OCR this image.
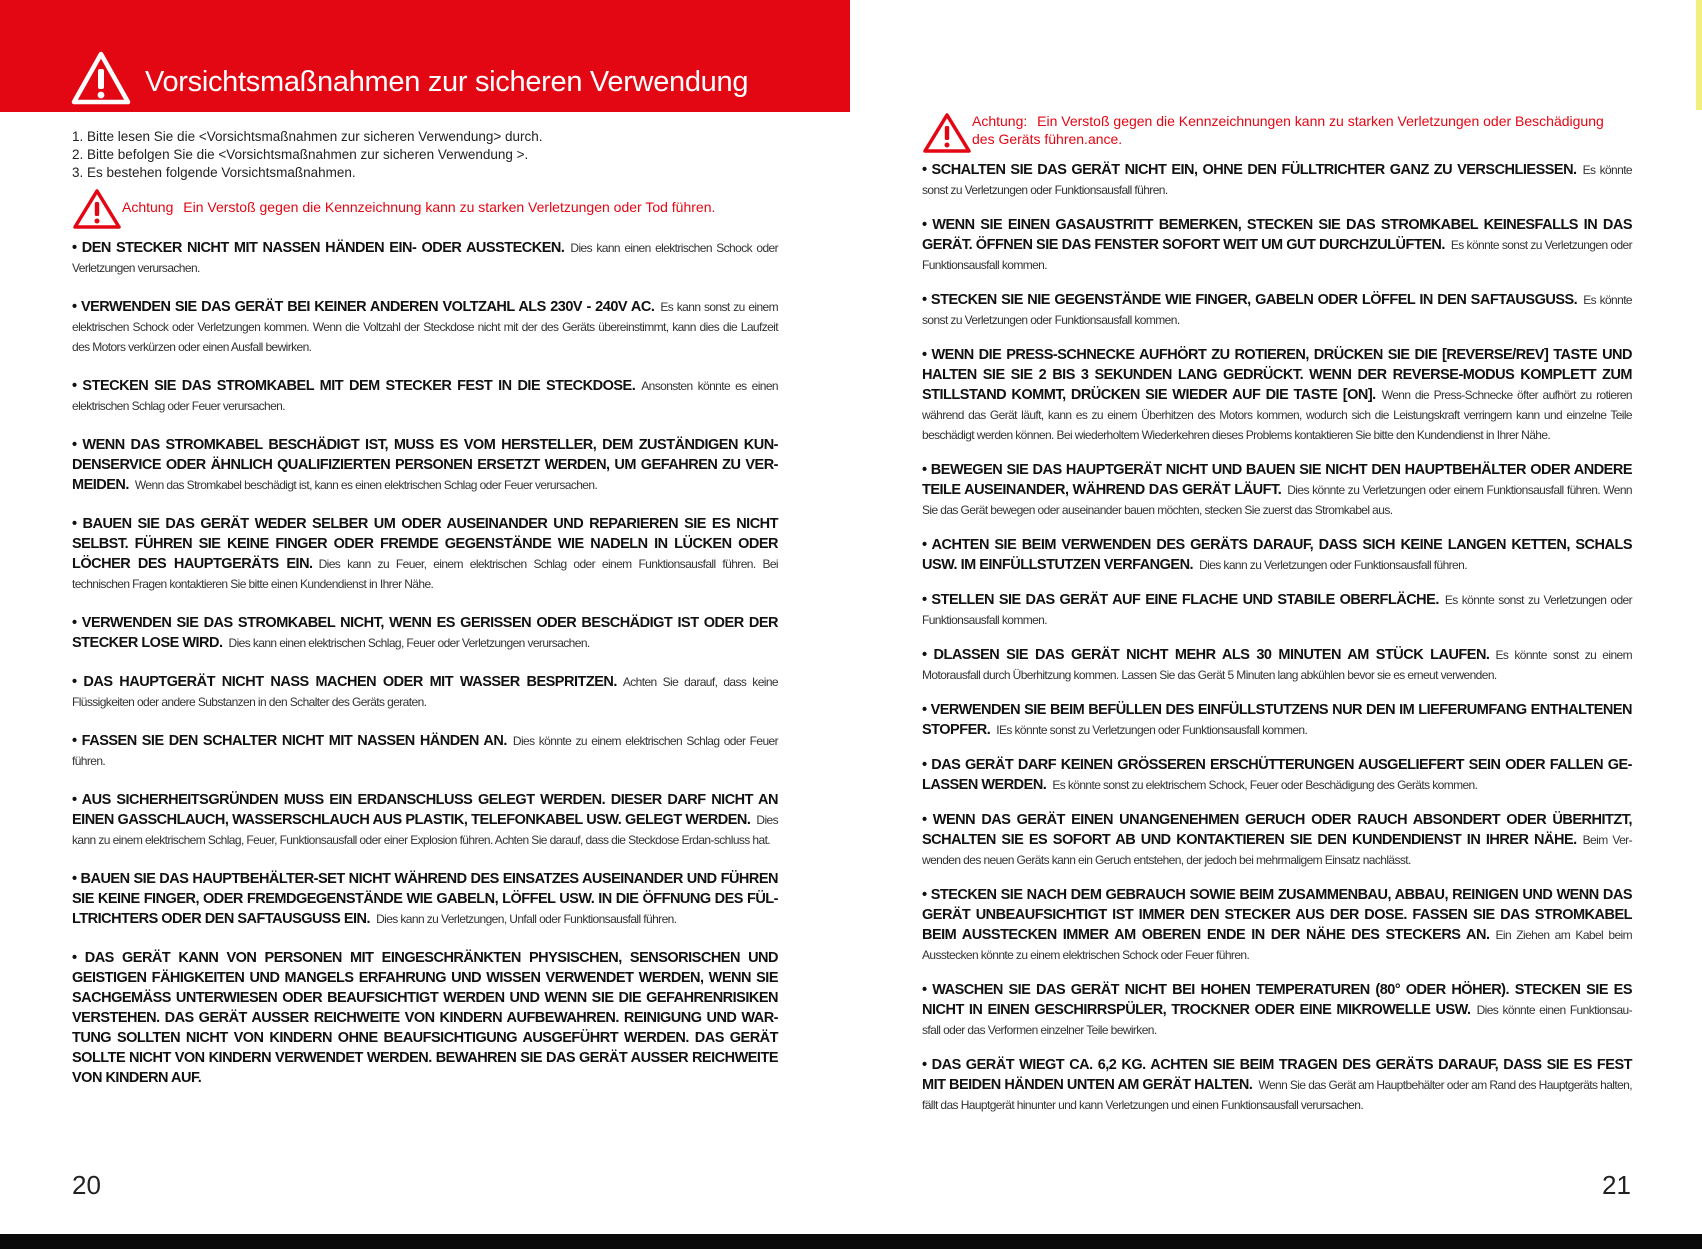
Vorsichtsmaßnahmen zur sicheren Verwendung
1. Bitte lesen Sie die <Vorsichtsmaßnahmen zur sicheren Verwendung> durch.
2. Bitte befolgen Sie die <Vorsichtsmaßnahmen zur sicheren Verwendung >.
3. Es bestehen folgende Vorsichtsmaßnahmen.
Achtung Ein Verstoß gegen die Kennzeichnung kann zu starken Verletzungen oder Tod führen.

• DEN STECKER NICHT MIT NASSEN HÄNDEN EIN- ODER AUSSTECKEN. Dies kann einen elektrischen Schock oder Verletzungen verursachen.

• VERWENDEN SIE DAS GERÄT BEI KEINER ANDEREN VOLTZAHL ALS 230V - 240V AC. Es kann sonst zu einem elektrischen Schock oder Verletzungen kommen. Wenn die Voltzahl der Steckdose nicht mit der des Geräts übereinstimmt, kann dies die Laufzeit des Motors verkürzen oder einen Ausfall bewirken.

• STECKEN SIE DAS STROMKABEL MIT DEM STECKER FEST IN DIE STECKDOSE. Ansonsten könnte es einen elektrischen Schlag oder Feuer verursachen.

• WENN DAS STROMKABEL BESCHÄDIGT IST, MUSS ES VOM HERSTELLER, DEM ZUSTÄNDIGEN KUN-DENSERVICE ODER ÄHNLICH QUALIFIZIERTEN PERSONEN ERSETZT WERDEN, UM GEFAHREN ZU VER-MEIDEN. Wenn das Stromkabel beschädigt ist, kann es einen elektrischen Schlag oder Feuer verursachen.

• BAUEN SIE DAS GERÄT WEDER SELBER UM ODER AUSEINANDER UND REPARIEREN SIE ES NICHT SELBST. FÜHREN SIE KEINE FINGER ODER FREMDE GEGENSTÄNDE WIE NADELN IN LÜCKEN ODER LÖCHER DES HAUPTGERÄTS EIN. Dies kann zu Feuer, einem elektrischen Schlag oder einem Funktionsausfall führen. Bei technischen Fragen kontaktieren Sie bitte einen Kundendienst in Ihrer Nähe.

• VERWENDEN SIE DAS STROMKABEL NICHT, WENN ES GERISSEN ODER BESCHÄDIGT IST ODER DER STECKER LOSE WIRD. Dies kann einen elektrischen Schlag, Feuer oder Verletzungen verursachen.

• DAS HAUPTGERÄT NICHT NASS MACHEN ODER MIT WASSER BESPRITZEN. Achten Sie darauf, dass keine Flüssigkeiten oder andere Substanzen in den Schalter des Geräts geraten.

• FASSEN SIE DEN SCHALTER NICHT MIT NASSEN HÄNDEN AN. Dies könnte zu einem elektrischen Schlag oder Feuer führen.

• AUS SICHERHEITSGRÜNDEN MUSS EIN ERDANSCHLUSS GELEGT WERDEN. DIESER DARF NICHT AN EINEN GASSCHLAUCH, WASSERSCHLAUCH AUS PLASTIK, TELEFONKABEL USW. GELEGT WERDEN. Dies kann zu einem elektrischem Schlag, Feuer, Funktionsausfall oder einer Explosion führen. Achten Sie darauf, dass die Steckdose Erdan-schluss hat.

• BAUEN SIE DAS HAUPTBEHÄLTER-SET NICHT WÄHREND DES EINSATZES AUSEINANDER UND FÜHREN SIE KEINE FINGER, ODER FREMDGEGENSTÄNDE WIE GABELN, LÖFFEL USW. IN DIE ÖFFNUNG DES FÜL-LTRICHTERS ODER DEN SAFTAUSGUSS EIN. Dies kann zu Verletzungen, Unfall oder Funktionsausfall führen.

• DAS GERÄT KANN VON PERSONEN MIT EINGESCHRÄNKTEN PHYSISCHEN, SENSORISCHEN UND GEISTIGEN FÄHIGKEITEN UND MANGELS ERFAHRUNG UND WISSEN VERWENDET WERDEN, WENN SIE SACHGEMÄSS UNTERWIESEN ODER BEAUFSICHTIGT WERDEN UND WENN SIE DIE GEFAHRENRISIKEN VERSTEHEN. DAS GERÄT AUSSER REICHWEITE VON KINDERN AUFBEWAHREN. REINIGUNG UND WAR-TUNG SOLLTEN NICHT VON KINDERN OHNE BEAUFSICHTIGUNG AUSGEFÜHRT WERDEN. DAS GERÄT SOLLTE NICHT VON KINDERN VERWENDET WERDEN. BEWAHREN SIE DAS GERÄT AUSSER REICHWEITE VON KINDERN AUF.

Achtung: Ein Verstoß gegen die Kennzeichnungen kann zu starken Verletzungen oder Beschädigung des Geräts führen.ance.

• SCHALTEN SIE DAS GERÄT NICHT EIN, OHNE DEN FÜLLTRICHTER GANZ ZU VERSCHLIESSEN. Es könnte sonst zu Verletzungen oder Funktionsausfall führen.

• WENN SIE EINEN GASAUSTRITT BEMERKEN, STECKEN SIE DAS STROMKABEL KEINESFALLS IN DAS GERÄT. ÖFFNEN SIE DAS FENSTER SOFORT WEIT UM GUT DURCHZULÜFTEN. Es könnte sonst zu Verletzungen oder Funktionsausfall kommen.

• STECKEN SIE NIE GEGENSTÄNDE WIE FINGER, GABELN ODER LÖFFEL IN DEN SAFTAUSGUSS. Es könnte sonst zu Verletzungen oder Funktionsausfall kommen.

• WENN DIE PRESS-SCHNECKE AUFHÖRT ZU ROTIEREN, DRÜCKEN SIE DIE [REVERSE/REV] TASTE UND HALTEN SIE SIE 2 BIS 3 SEKUNDEN LANG GEDRÜCKT. WENN DER REVERSE-MODUS KOMPLETT ZUM STILLSTAND KOMMT, DRÜCKEN SIE WIEDER AUF DIE TASTE [ON]. Wenn die Press-Schnecke öfter aufhört zu rotieren während das Gerät läuft, kann es zu einem Überhitzen des Motors kommen, wodurch sich die Leistungskraft verringern kann und einzelne Teile beschädigt werden können. Bei wiederholtem Wiederkehren dieses Problems kontaktieren Sie bitte den Kundendienst in Ihrer Nähe.

• BEWEGEN SIE DAS HAUPTGERÄT NICHT UND BAUEN SIE NICHT DEN HAUPTBEHÄLTER ODER ANDERE TEILE AUSEINANDER, WÄHREND DAS GERÄT LÄUFT. Dies könnte zu Verletzungen oder einem Funktionsausfall führen. Wenn Sie das Gerät bewegen oder auseinander bauen möchten, stecken Sie zuerst das Stromkabel aus.

• ACHTEN SIE BEIM VERWENDEN DES GERÄTS DARAUF, DASS SICH KEINE LANGEN KETTEN, SCHALS USW. IM EINFÜLLSTUTZEN VERFANGEN. Dies kann zu Verletzungen oder Funktionsausfall führen.

• STELLEN SIE DAS GERÄT AUF EINE FLACHE UND STABILE OBERFLÄCHE. Es könnte sonst zu Verletzungen oder Funktionsausfall kommen.

• DLASSEN SIE DAS GERÄT NICHT MEHR ALS 30 MINUTEN AM STÜCK LAUFEN. Es könnte sonst zu einem Motorausfall durch Überhitzung kommen. Lassen Sie das Gerät 5 Minuten lang abkühlen bevor sie es erneut verwenden.

• VERWENDEN SIE BEIM BEFÜLLEN DES EINFÜLLSTUTZENS NUR DEN IM LIEFERUMFANG ENTHALTENEN STOPFER. IEs könnte sonst zu Verletzungen oder Funktionsausfall kommen.

• DAS GERÄT DARF KEINEN GRÖSSEREN ERSCHÜTTERUNGEN AUSGELIEFERT SEIN ODER FALLEN GE-LASSEN WERDEN. Es könnte sonst zu elektrischem Schock, Feuer oder Beschädigung des Geräts kommen.

• WENN DAS GERÄT EINEN UNANGENEHMEN GERUCH ODER RAUCH ABSONDERT ODER ÜBERHITZT, SCHALTEN SIE ES SOFORT AB UND KONTAKTIEREN SIE DEN KUNDENDIENST IN IHRER NÄHE. Beim Ver-wenden des neuen Geräts kann ein Geruch entstehen, der jedoch bei mehrmaligem Einsatz nachlässt.

• STECKEN SIE NACH DEM GEBRAUCH SOWIE BEIM ZUSAMMENBAU, ABBAU, REINIGEN UND WENN DAS GERÄT UNBEAUFSICHTIGT IST IMMER DEN STECKER AUS DER DOSE. FASSEN SIE DAS STROMKABEL BEIM AUSSTECKEN IMMER AM OBEREN ENDE IN DER NÄHE DES STECKERS AN. Ein Ziehen am Kabel beim Ausstecken könnte zu einem elektrischen Schock oder Feuer führen.

• WASCHEN SIE DAS GERÄT NICHT BEI HOHEN TEMPERATUREN (80° ODER HÖHER). STECKEN SIE ES NICHT IN EINEN GESCHIRRSPÜLER, TROCKNER ODER EINE MIKROWELLE USW. Dies könnte einen Funktionsau-sfall oder das Verformen einzelner Teile bewirken.

• DAS GERÄT WIEGT CA. 6,2 KG. ACHTEN SIE BEIM TRAGEN DES GERÄTS DARAUF, DASS SIE ES FEST MIT BEIDEN HÄNDEN UNTEN AM GERÄT HALTEN. Wenn Sie das Gerät am Hauptbehälter oder am Rand des Hauptgeräts halten, fällt das Hauptgerät hinunter und kann Verletzungen und einen Funktionsausfall verursachen.

20	21
